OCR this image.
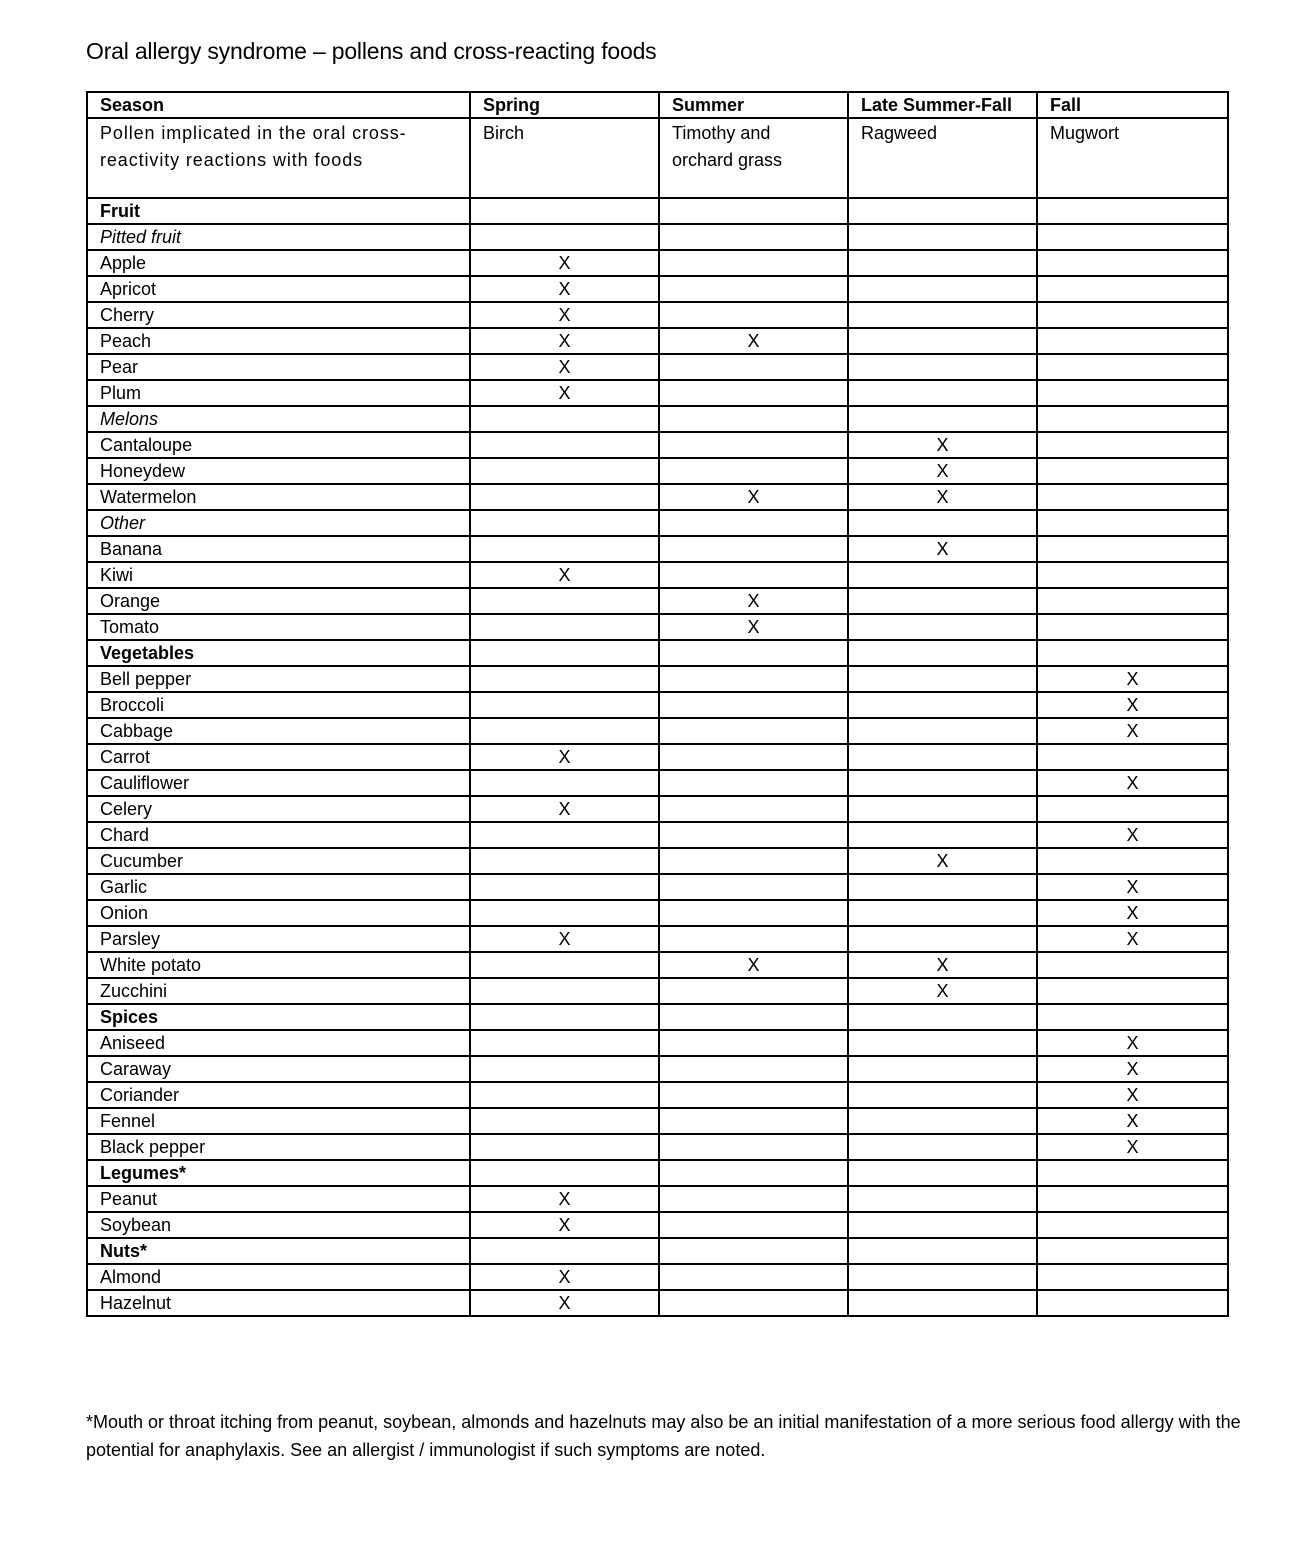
Oral allergy syndrome – pollens and cross-reacting foods
Season	Spring	Summer	Late Summer-Fall	Fall
Pollen implicated in the oral cross-reactivity reactions with foods	Birch	Timothy and orchard grass	Ragweed	Mugwort
Fruit				
Pitted fruit				
Apple	X			
Apricot	X			
Cherry	X			
Peach	X	X		
Pear	X			
Plum	X			
Melons				
Cantaloupe			X	
Honeydew			X	
Watermelon		X	X	
Other				
Banana			X	
Kiwi	X			
Orange		X		
Tomato		X		
Vegetables				
Bell pepper				X
Broccoli				X
Cabbage				X
Carrot	X			
Cauliflower				X
Celery	X			
Chard				X
Cucumber			X	
Garlic				X
Onion				X
Parsley	X			X
White potato		X	X	
Zucchini			X	
Spices				
Aniseed				X
Caraway				X
Coriander				X
Fennel				X
Black pepper				X
Legumes*				
Peanut	X			
Soybean	X			
Nuts*				
Almond	X			
Hazelnut	X			

*Mouth or throat itching from peanut, soybean, almonds and hazelnuts may also be an initial manifestation of a more serious food allergy with the potential for anaphylaxis. See an allergist / immunologist if such symptoms are noted.
